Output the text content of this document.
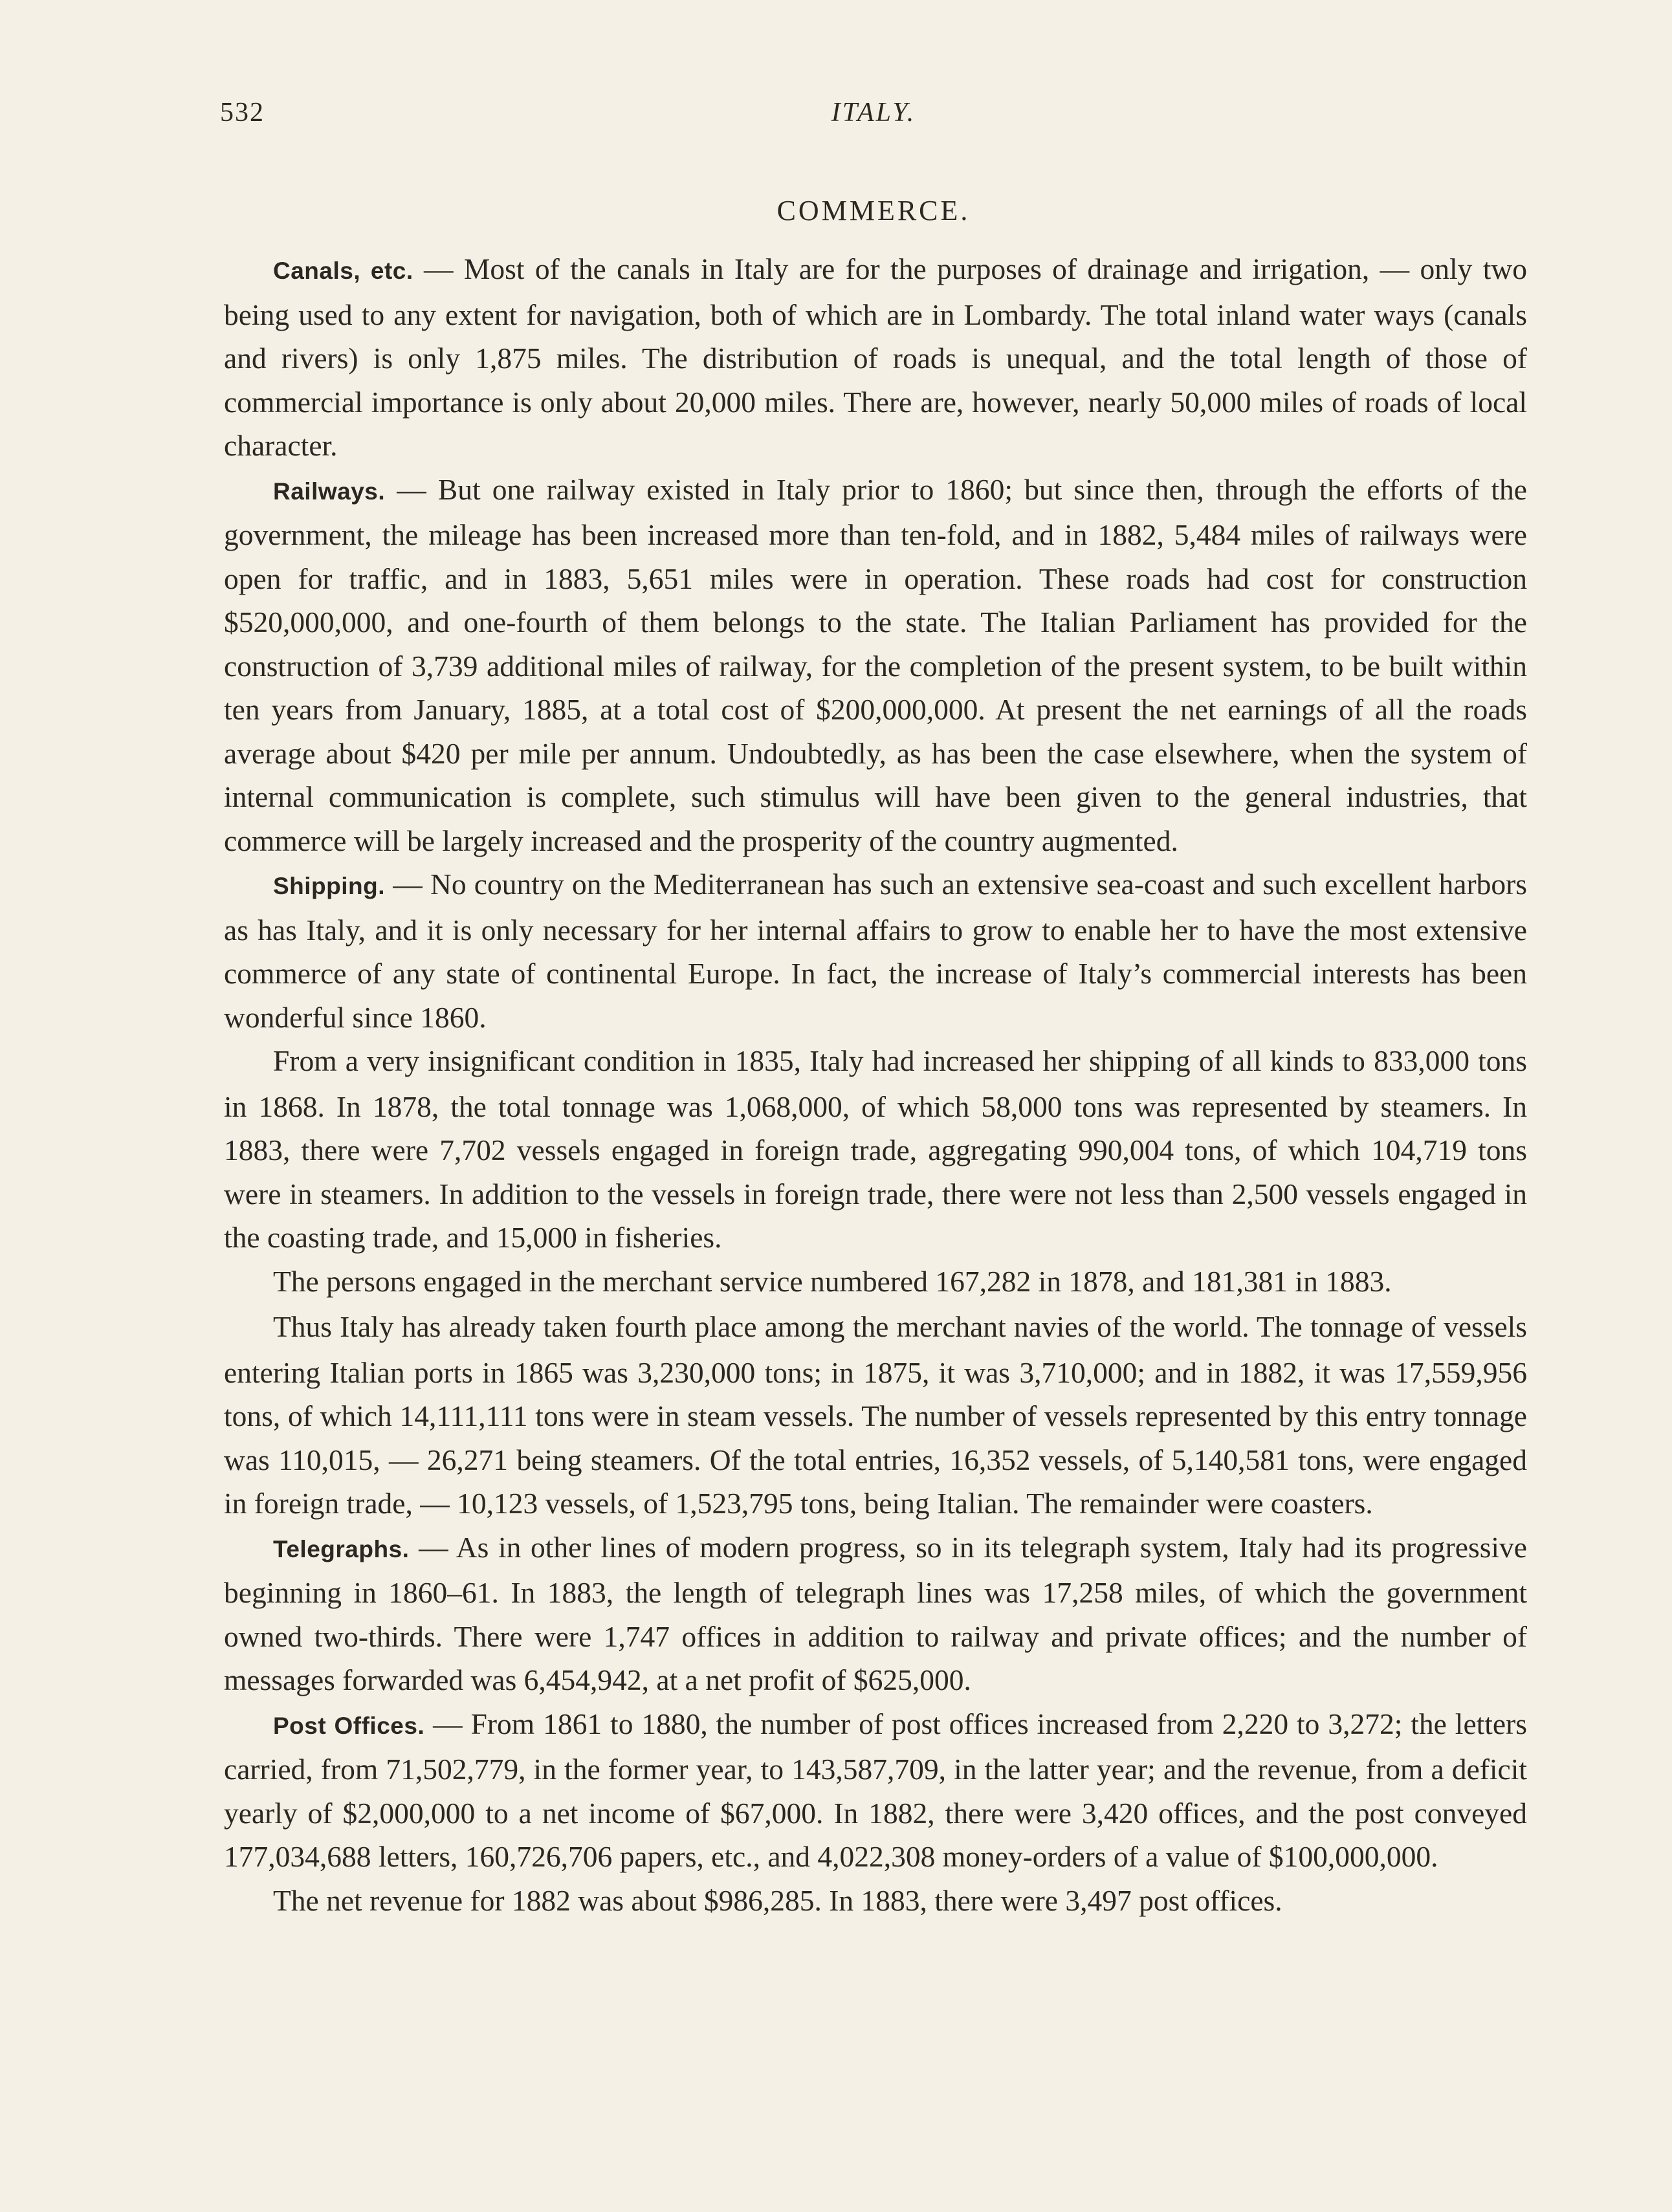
532	ITALY.
COMMERCE.

Canals, etc. — Most of the canals in Italy are for the purposes of drainage and irrigation, — only two being used to any extent for navigation, both of which are in Lombardy. The total inland water ways (canals and rivers) is only 1,875 miles. The distribution of roads is unequal, and the total length of those of commercial importance is only about 20,000 miles. There are, however, nearly 50,000 miles of roads of local character.

Railways. — But one railway existed in Italy prior to 1860; but since then, through the efforts of the government, the mileage has been increased more than ten-fold, and in 1882, 5,484 miles of railways were open for traffic, and in 1883, 5,651 miles were in operation. These roads had cost for construction $520,000,000, and one-fourth of them belongs to the state. The Italian Parliament has provided for the construction of 3,739 additional miles of railway, for the completion of the present system, to be built within ten years from January, 1885, at a total cost of $200,000,000. At present the net earnings of all the roads average about $420 per mile per annum. Undoubtedly, as has been the case elsewhere, when the system of internal communication is complete, such stimulus will have been given to the general industries, that commerce will be largely increased and the prosperity of the country augmented.

Shipping. — No country on the Mediterranean has such an extensive sea-coast and such excellent harbors as has Italy, and it is only necessary for her internal affairs to grow to enable her to have the most extensive commerce of any state of continental Europe. In fact, the increase of Italy’s commercial interests has been wonderful since 1860.

From a very insignificant condition in 1835, Italy had increased her shipping of all kinds to 833,000 tons in 1868. In 1878, the total tonnage was 1,068,000, of which 58,000 tons was represented by steamers. In 1883, there were 7,702 vessels engaged in foreign trade, aggregating 990,004 tons, of which 104,719 tons were in steamers. In addition to the vessels in foreign trade, there were not less than 2,500 vessels engaged in the coasting trade, and 15,000 in fisheries.

The persons engaged in the merchant service numbered 167,282 in 1878, and 181,381 in 1883.

Thus Italy has already taken fourth place among the merchant navies of the world. The tonnage of vessels entering Italian ports in 1865 was 3,230,000 tons; in 1875, it was 3,710,000; and in 1882, it was 17,559,956 tons, of which 14,111,111 tons were in steam vessels. The number of vessels represented by this entry tonnage was 110,015, — 26,271 being steamers. Of the total entries, 16,352 vessels, of 5,140,581 tons, were engaged in foreign trade, — 10,123 vessels, of 1,523,795 tons, being Italian. The remainder were coasters.

Telegraphs. — As in other lines of modern progress, so in its telegraph system, Italy had its progressive beginning in 1860–61. In 1883, the length of telegraph lines was 17,258 miles, of which the government owned two-thirds. There were 1,747 offices in addition to railway and private offices; and the number of messages forwarded was 6,454,942, at a net profit of $625,000.

Post Offices. — From 1861 to 1880, the number of post offices increased from 2,220 to 3,272; the letters carried, from 71,502,779, in the former year, to 143,587,709, in the latter year; and the revenue, from a deficit yearly of $2,000,000 to a net income of $67,000. In 1882, there were 3,420 offices, and the post conveyed 177,034,688 letters, 160,726,706 papers, etc., and 4,022,308 money-orders of a value of $100,000,000.

The net revenue for 1882 was about $986,285. In 1883, there were 3,497 post offices.
